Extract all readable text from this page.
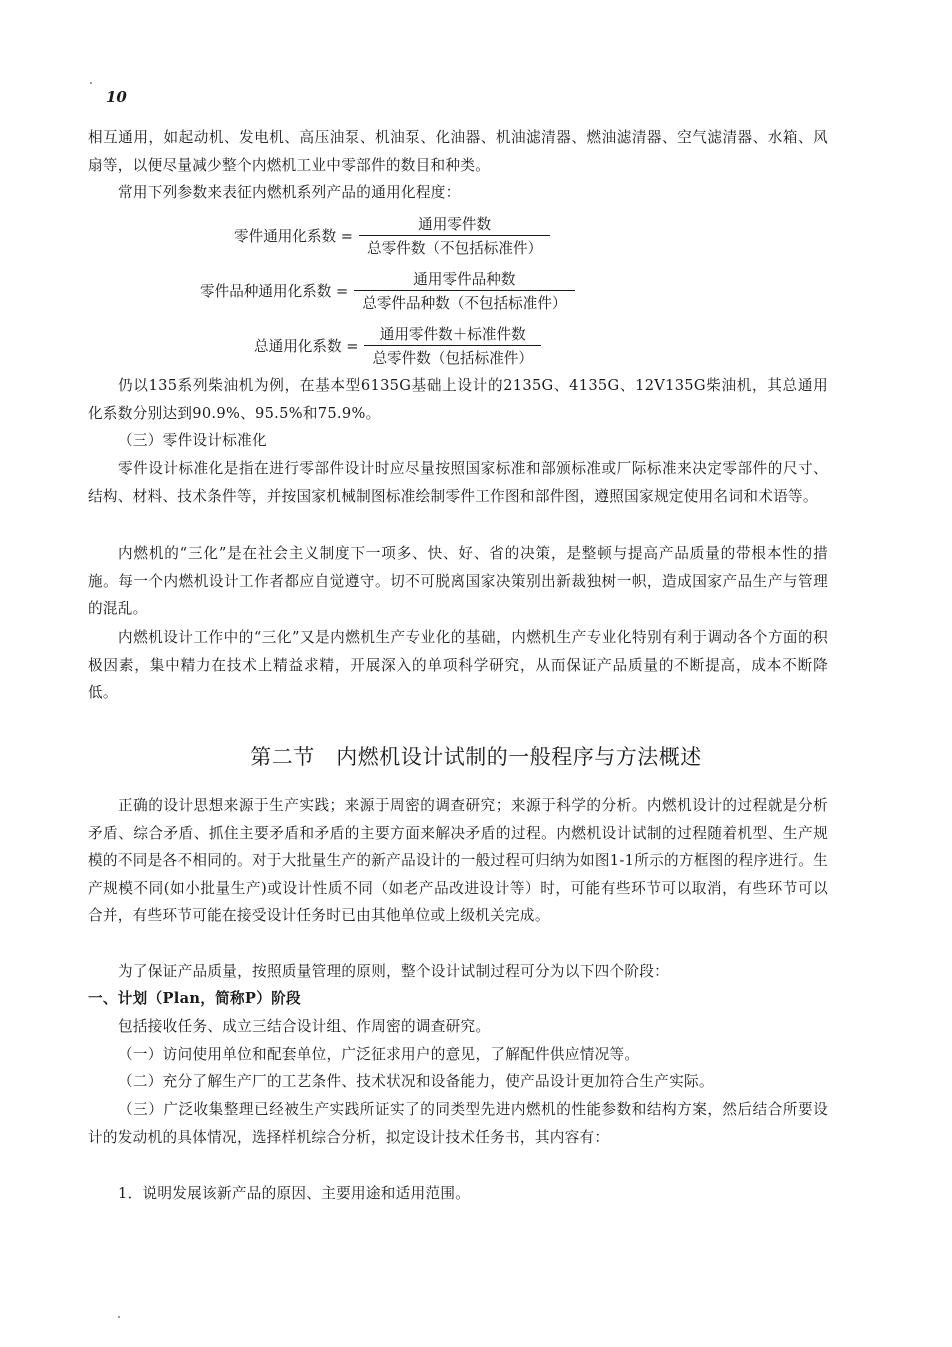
10

相互通用，如起动机、发电机、高压油泵、机油泵、化油器、机油滤清器、燃油滤清器、空气滤清器、水箱、风扇等，以便尽量减少整个内燃机工业中零部件的数目和种类。

常用下列参数来表征内燃机系列产品的通用化程度：

零件通用化系数 = $\frac{\text{通用零件数}}{\text{总零件数（不包括标准件）}}$
零件品种通用化系数 = $\frac{\text{通用零件品种数}}{\text{总零件品种数（不包括标准件）}}$
总通用化系数 = $\frac{\text{通用零件数＋标准件数}}{\text{总零件数（包括标准件）}}$

仍以135系列柴油机为例，在基本型6135G基础上设计的2135G、4135G、12V135G柴油机，其总通用化系数分别达到90.9%、95.5%和75.9%。

（三）零件设计标准化

零件设计标准化是指在进行零部件设计时应尽量按照国家标准和部颁标准或厂际标准来决定零部件的尺寸、结构、材料、技术条件等，并按国家机械制图标准绘制零件工作图和部件图，遵照国家规定使用名词和术语等。

内燃机的“三化”是在社会主义制度下一项多、快、好、省的决策，是整顿与提高产品质量的带根本性的措施。每一个内燃机设计工作者都应自觉遵守。切不可脱离国家决策别出新裁独树一帜，造成国家产品生产与管理的混乱。

内燃机设计工作中的“三化”又是内燃机生产专业化的基础，内燃机生产专业化特别有利于调动各个方面的积极因素，集中精力在技术上精益求精，开展深入的单项科学研究，从而保证产品质量的不断提高，成本不断降低。

第二节　内燃机设计试制的一般程序与方法概述

正确的设计思想来源于生产实践；来源于周密的调查研究；来源于科学的分析。内燃机设计的过程就是分析矛盾、综合矛盾、抓住主要矛盾和矛盾的主要方面来解决矛盾的过程。内燃机设计试制的过程随着机型、生产规模的不同是各不相同的。对于大批量生产的新产品设计的一般过程可归纳为如图1-1所示的方框图的程序进行。生产规模不同(如小批量生产)或设计性质不同（如老产品改进设计等）时，可能有些环节可以取消，有些环节可以合并，有些环节可能在接受设计任务时已由其他单位或上级机关完成。

为了保证产品质量，按照质量管理的原则，整个设计试制过程可分为以下四个阶段：

一、计划（Plan，简称P）阶段

包括接收任务、成立三结合设计组、作周密的调查研究。

（一）访问使用单位和配套单位，广泛征求用户的意见，了解配件供应情况等。

（二）充分了解生产厂的工艺条件、技术状况和设备能力，使产品设计更加符合生产实际。

（三）广泛收集整理已经被生产实践所证实了的同类型先进内燃机的性能参数和结构方案，然后结合所要设计的发动机的具体情况，选择样机综合分析，拟定设计技术任务书，其内容有：

1．说明发展该新产品的原因、主要用途和适用范围。
